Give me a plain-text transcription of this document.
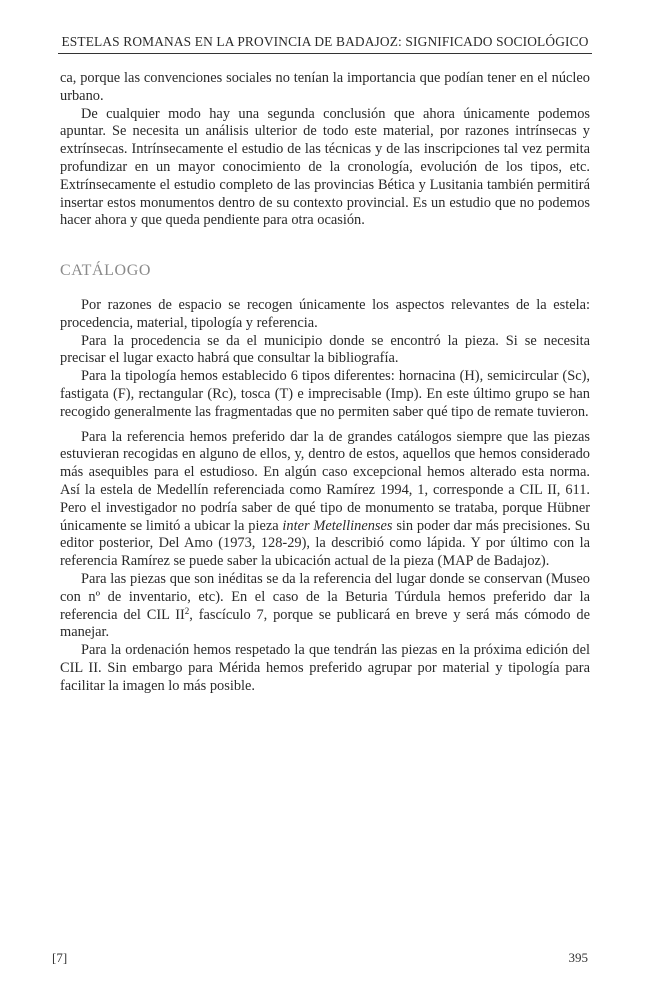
ESTELAS ROMANAS EN LA PROVINCIA DE BADAJOZ: SIGNIFICADO SOCIOLÓGICO

ca, porque las convenciones sociales no tenían la importancia que podían tener en el núcleo urbano.

De cualquier modo hay una segunda conclusión que ahora únicamente podemos apuntar. Se necesita un análisis ulterior de todo este material, por razones intrínsecas y extrínsecas. Intrínsecamente el estudio de las técnicas y de las inscripciones tal vez permita profundizar en un mayor conocimiento de la cronología, evolución de los tipos, etc. Extrínsecamente el estudio completo de las provincias Bética y Lusitania también permitirá insertar estos monumentos dentro de su contexto provincial. Es un estudio que no podemos hacer ahora y que queda pendiente para otra ocasión.

CATÁLOGO

Por razones de espacio se recogen únicamente los aspectos relevantes de la estela: procedencia, material, tipología y referencia.

Para la procedencia se da el municipio donde se encontró la pieza. Si se necesita precisar el lugar exacto habrá que consultar la bibliografía.

Para la tipología hemos establecido 6 tipos diferentes: hornacina (H), semicircular (Sc), fastigata (F), rectangular (Rc), tosca (T) e imprecisable (Imp). En este último grupo se han recogido generalmente las fragmentadas que no permiten saber qué tipo de remate tuvieron.

Para la referencia hemos preferido dar la de grandes catálogos siempre que las piezas estuvieran recogidas en alguno de ellos, y, dentro de estos, aquellos que hemos considerado más asequibles para el estudioso. En algún caso excepcional hemos alterado esta norma. Así la estela de Medellín referenciada como Ramírez 1994, 1, corresponde a CIL II, 611. Pero el investigador no podría saber de qué tipo de monumento se trataba, porque Hübner únicamente se limitó a ubicar la pieza inter Metellinenses sin poder dar más precisiones. Su editor posterior, Del Amo (1973, 128-29), la describió como lápida. Y por último con la referencia Ramírez se puede saber la ubicación actual de la pieza (MAP de Badajoz).

Para las piezas que son inéditas se da la referencia del lugar donde se conservan (Museo con nº de inventario, etc). En el caso de la Beturia Túrdula hemos preferido dar la referencia del CIL $II^2$, fascículo 7, porque se publicará en breve y será más cómodo de manejar.

Para la ordenación hemos respetado la que tendrán las piezas en la próxima edición del CIL II. Sin embargo para Mérida hemos preferido agrupar por material y tipología para facilitar la imagen lo más posible.

[7]	395
